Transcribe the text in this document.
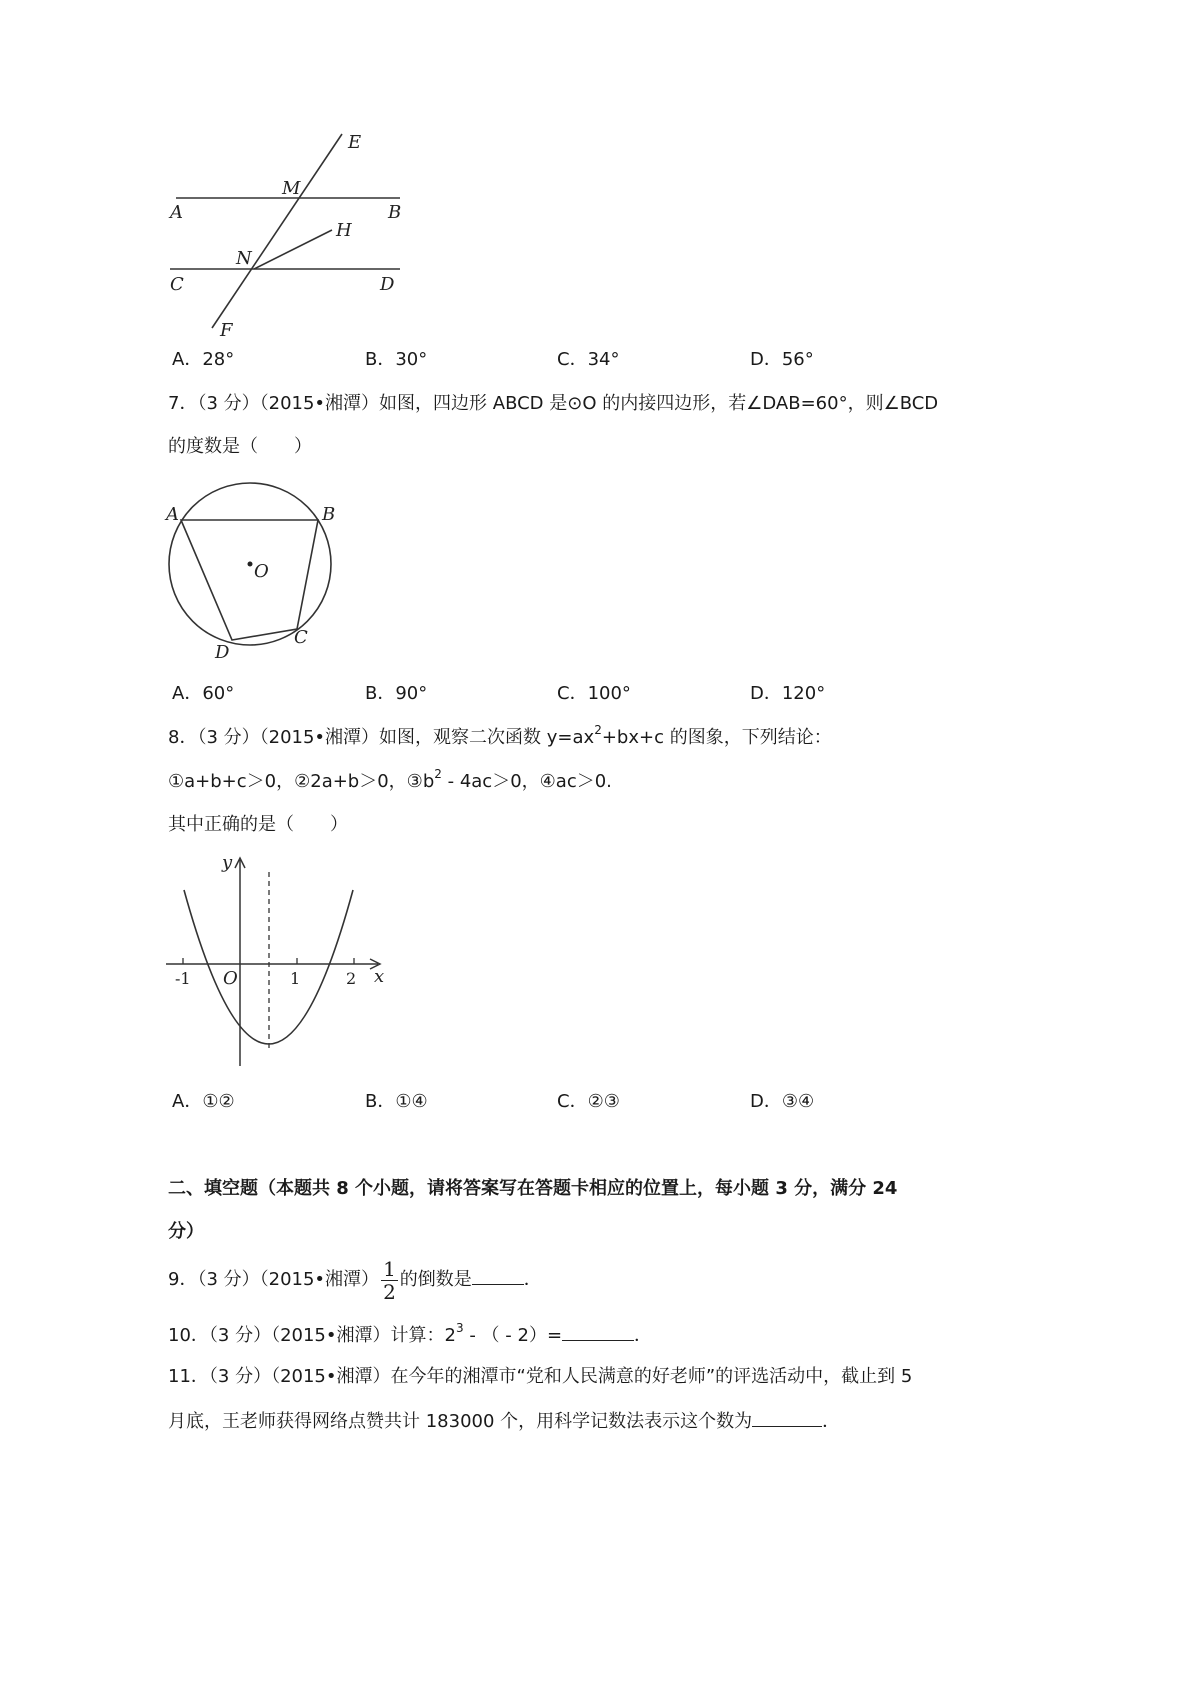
E
M
A	B
H
N
C	D
F
A．28°	B．30°	C．34°	D．56°
7．（3 分）（2015•湘潭）如图，四边形 ABCD 是⊙O 的内接四边形，若∠DAB=60°，则∠BCD
的度数是（　　）
A	B
O
C
D
A．60°	B．90°	C．100°	D．120°
8．（3 分）（2015•湘潭）如图，观察二次函数 $y=ax^2+bx+c$ 的图象，下列结论：
①a+b+c＞0，②2a+b＞0，$③b^2 - 4ac>0$，④ac＞0.
其中正确的是（　　）
y
x
-1 O	1	2
A．①②	B．①④	C．②③	D．③④
二、填空题（本题共 8 个小题，请将答案写在答题卡相应的位置上，每小题 3 分，满分 24
分）
9．（3 分）（2015•湘潭） $\frac{1}{2}$ 的倒数是	．
10．（3 分）（2015•湘潭）计算：$2^3$ - （ - 2）=	．
11．（3 分）（2015•湘潭）在今年的湘潭市“党和人民满意的好老师”的评选活动中，截止到 5
月底，王老师获得网络点赞共计 183000 个，用科学记数法表示这个数为	．
